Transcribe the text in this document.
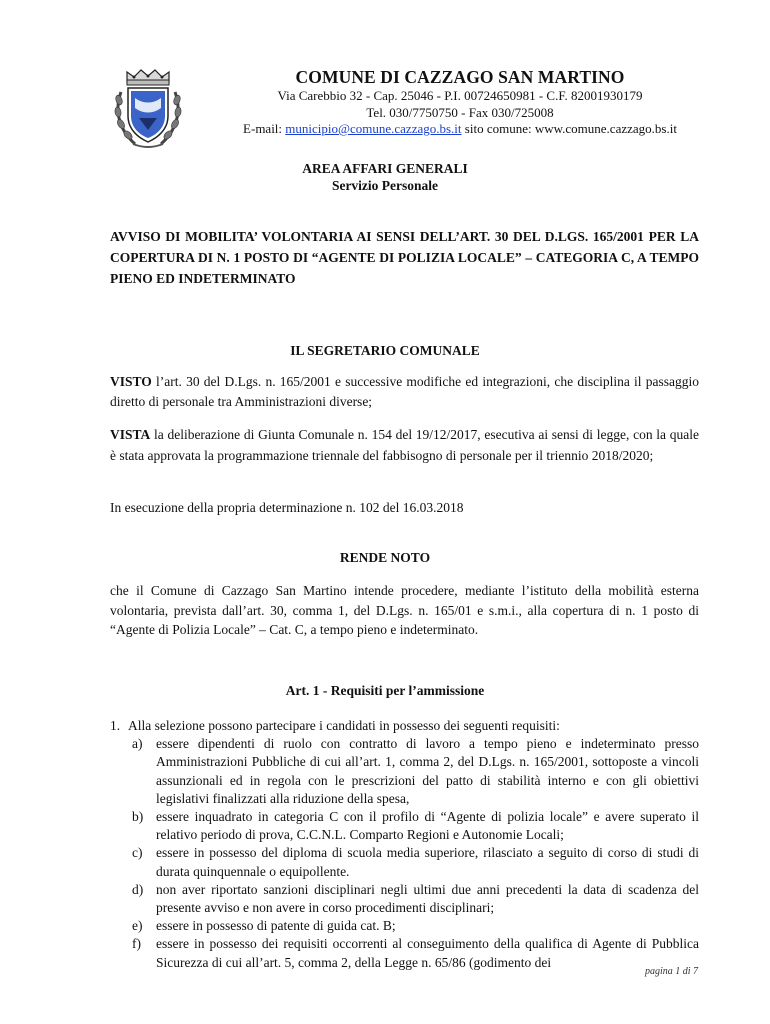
COMUNE DI CAZZAGO SAN MARTINO
Via Carebbio 32 - Cap. 25046 - P.I. 00724650981 - C.F. 82001930179
Tel. 030/7750750 - Fax 030/725008
E-mail: municipio@comune.cazzago.bs.it sito comune: www.comune.cazzago.bs.it
AREA AFFARI GENERALI
Servizio Personale
AVVISO DI MOBILITA’ VOLONTARIA AI SENSI DELL’ART. 30 DEL D.LGS. 165/2001 PER LA COPERTURA DI N. 1 POSTO DI “AGENTE DI POLIZIA LOCALE” – CATEGORIA C, A TEMPO PIENO ED INDETERMINATO
IL SEGRETARIO COMUNALE
VISTO l’art. 30 del D.Lgs. n. 165/2001 e successive modifiche ed integrazioni, che disciplina il passaggio diretto di personale tra Amministrazioni diverse;
VISTA la deliberazione di Giunta Comunale n. 154 del 19/12/2017, esecutiva ai sensi di legge, con la quale è stata approvata la programmazione triennale del fabbisogno di personale per il triennio 2018/2020;
In esecuzione della propria determinazione n. 102 del 16.03.2018
RENDE NOTO
che il Comune di Cazzago San Martino intende procedere, mediante l’istituto della mobilità esterna volontaria, prevista dall’art. 30, comma 1, del D.Lgs. n. 165/01 e s.m.i., alla copertura di n. 1 posto di “Agente di Polizia Locale” – Cat. C, a tempo pieno e indeterminato.
Art. 1 - Requisiti per l’ammissione
1. Alla selezione possono partecipare i candidati in possesso dei seguenti requisiti:
a)	essere dipendenti di ruolo con contratto di lavoro a tempo pieno e indeterminato presso Amministrazioni Pubbliche di cui all’art. 1, comma 2, del D.Lgs. n. 165/2001, sottoposte a vincoli assunzionali ed in regola con le prescrizioni del patto di stabilità interno e con gli obiettivi legislativi finalizzati alla riduzione della spesa,
b) essere inquadrato in categoria C con il profilo di “Agente di polizia locale” e avere superato il relativo periodo di prova, C.C.N.L. Comparto Regioni e Autonomie Locali;
c)	essere in possesso del diploma di scuola media superiore, rilasciato a seguito di corso di studi di durata quinquennale o equipollente.
d) non aver riportato sanzioni disciplinari negli ultimi due anni precedenti la data di scadenza del presente avviso e non avere in corso procedimenti disciplinari;
e)	essere in possesso di patente di guida cat. B;
f)	essere in possesso dei requisiti occorrenti al conseguimento della qualifica di Agente di Pubblica Sicurezza di cui all’art. 5, comma 2, della Legge n. 65/86 (godimento dei
pagina 1 di 7
